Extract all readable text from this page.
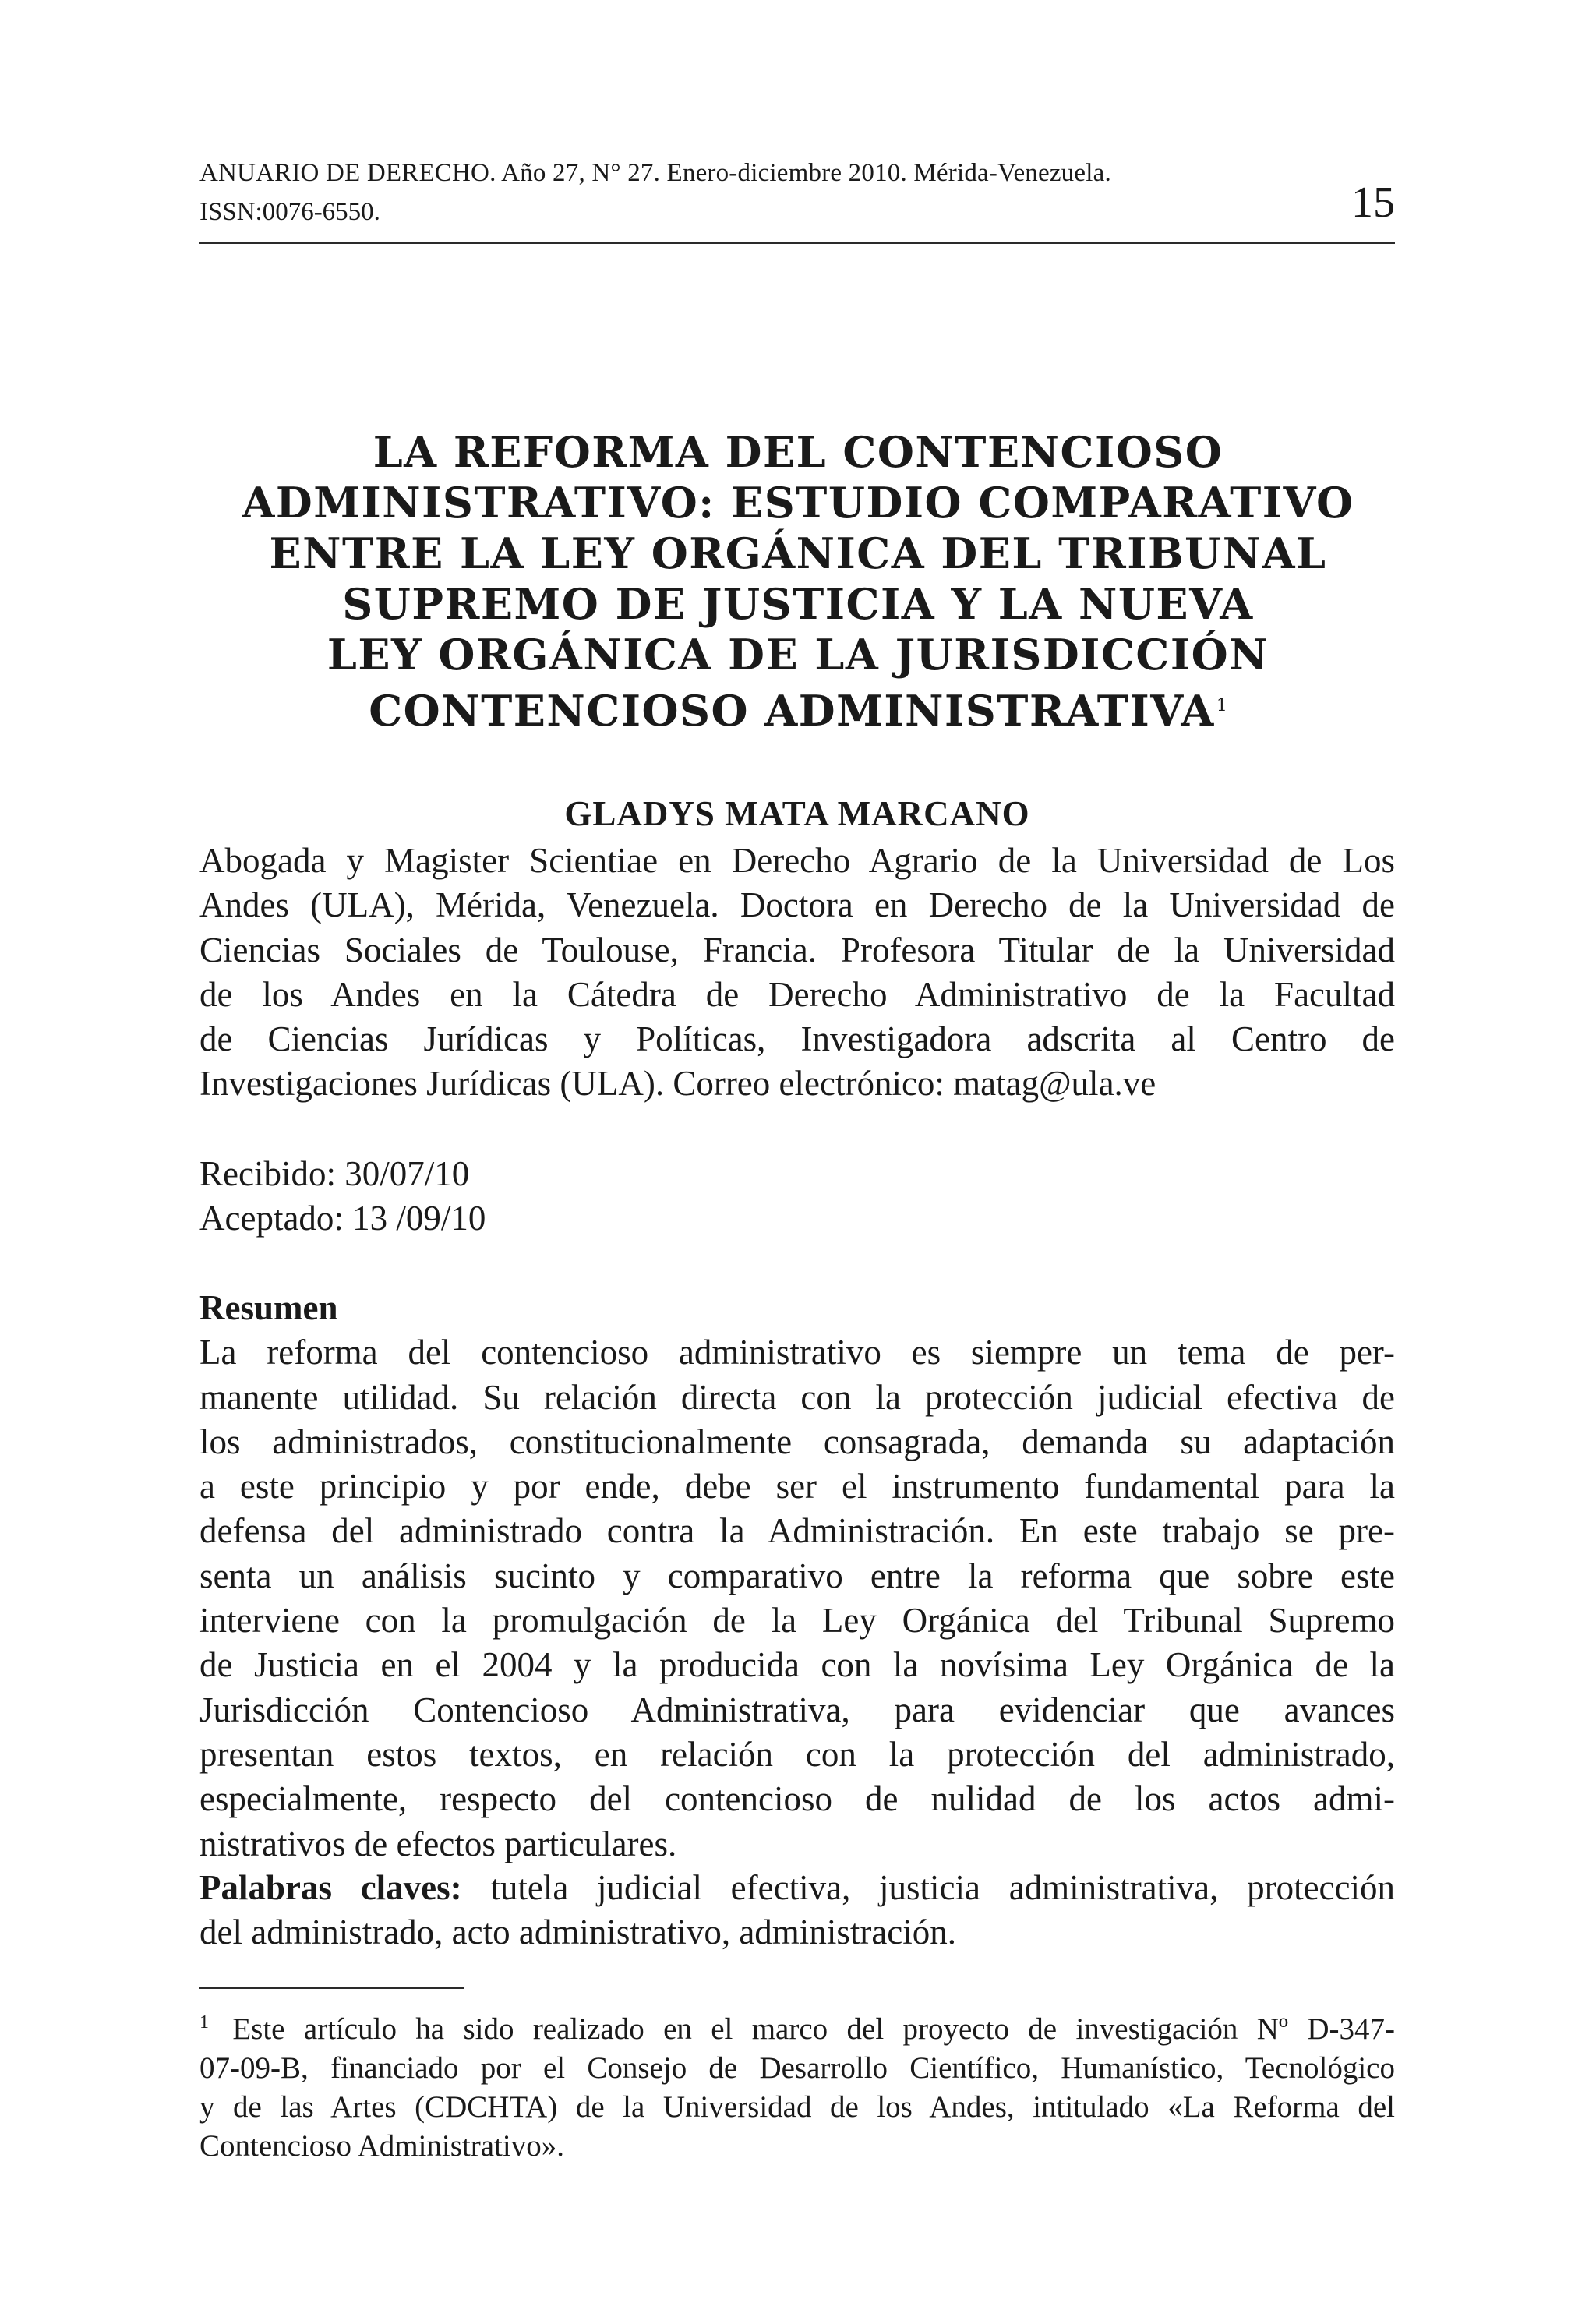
ANUARIO DE DERECHO. Año 27, N° 27. Enero-diciembre 2010. Mérida-Venezuela.
ISSN:0076-6550.	15
LA REFORMA DEL CONTENCIOSO
ADMINISTRATIVO: ESTUDIO COMPARATIVO
ENTRE LA LEY ORGÁNICA DEL TRIBUNAL
SUPREMO DE JUSTICIA Y LA NUEVA
LEY ORGÁNICA DE LA JURISDICCIÓN
CONTENCIOSO ADMINISTRATIVA$^1$
GLADYS MATA MARCANO
Abogada y Magister Scientiae en Derecho Agrario de la Universidad de Los
Andes (ULA), Mérida, Venezuela. Doctora en Derecho de la Universidad de
Ciencias Sociales de Toulouse, Francia. Profesora Titular de la Universidad
de los Andes en la Cátedra de Derecho Administrativo de la Facultad
de Ciencias Jurídicas y Políticas, Investigadora adscrita al Centro de
Investigaciones Jurídicas (ULA). Correo electrónico: matag@ula.ve
Recibido: 30/07/10
Aceptado: 13 /09/10
Resumen
La reforma del contencioso administrativo es siempre un tema de per-
manente utilidad. Su relación directa con la protección judicial efectiva de
los administrados, constitucionalmente consagrada, demanda su adaptación
a este principio y por ende, debe ser el instrumento fundamental para la
defensa del administrado contra la Administración. En este trabajo se pre-
senta un análisis sucinto y comparativo entre la reforma que sobre este
interviene con la promulgación de la Ley Orgánica del Tribunal Supremo
de Justicia en el 2004 y la producida con la novísima Ley Orgánica de la
Jurisdicción Contencioso Administrativa, para evidenciar que avances
presentan estos textos, en relación con la protección del administrado,
especialmente, respecto del contencioso de nulidad de los actos admi-
nistrativos de efectos particulares.
Palabras claves: tutela judicial efectiva, justicia administrativa, protección
del administrado, acto administrativo, administración.
$^1$ Este artículo ha sido realizado en el marco del proyecto de investigación Nº D-347-
07-09-B, financiado por el Consejo de Desarrollo Científico, Humanístico, Tecnológico
y de las Artes (CDCHTA) de la Universidad de los Andes, intitulado «La Reforma del
Contencioso Administrativo».
